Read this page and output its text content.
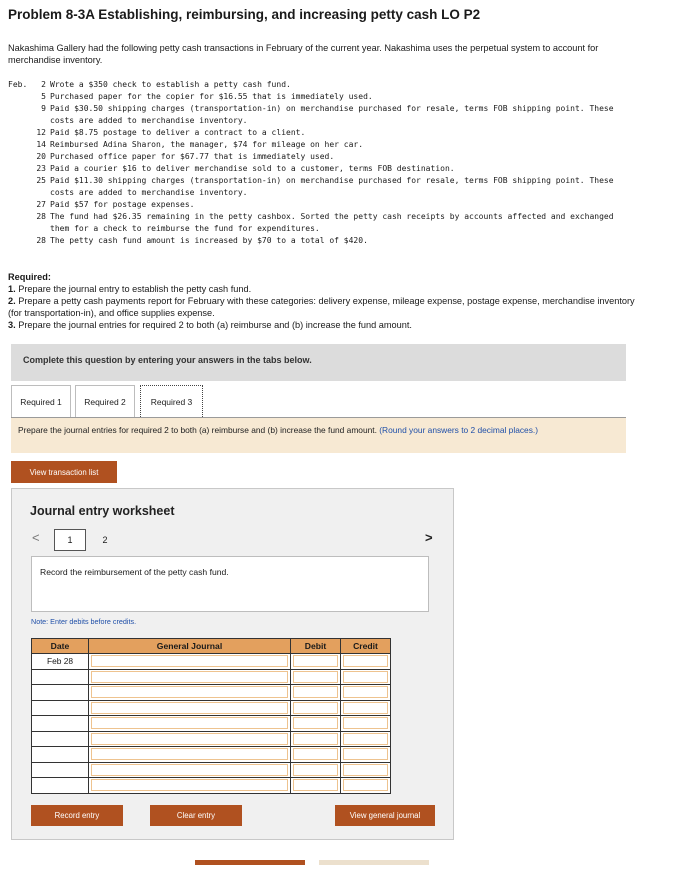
Problem 8-3A Establishing, reimbursing, and increasing petty cash LO P2

Nakashima Gallery had the following petty cash transactions in February of the current year. Nakashima uses the perpetual system to account for merchandise inventory.

Feb.	2 Wrote a $350 check to establish a petty cash fund.
5 Purchased paper for the copier for $16.55 that is immediately used.
9 Paid $30.50 shipping charges (transportation-in) on merchandise purchased for resale, terms FOB shipping point. These
costs are added to merchandise inventory.
12 Paid $8.75 postage to deliver a contract to a client.
14 Reimbursed Adina Sharon, the manager, $74 for mileage on her car.
20 Purchased office paper for $67.77 that is immediately used.
23 Paid a courier $16 to deliver merchandise sold to a customer, terms FOB destination.
25 Paid $11.30 shipping charges (transportation-in) on merchandise purchased for resale, terms FOB shipping point. These
costs are added to merchandise inventory.
27 Paid $57 for postage expenses.
28 The fund had $26.35 remaining in the petty cashbox. Sorted the petty cash receipts by accounts affected and exchanged
them for a check to reimburse the fund for expenditures.
28 The petty cash fund amount is increased by $70 to a total of $420.
Required:
1. Prepare the journal entry to establish the petty cash fund.
2. Prepare a petty cash payments report for February with these categories: delivery expense, mileage expense, postage expense, merchandise inventory (for transportation-in), and office supplies expense.
3. Prepare the journal entries for required 2 to both (a) reimburse and (b) increase the fund amount.
Complete this question by entering your answers in the tabs below.
Required 1	Required 2	Required 3
Prepare the journal entries for required 2 to both (a) reimburse and (b) increase the fund amount. (Round your answers to 2 decimal places.)
View transaction list
Journal entry worksheet
<	1	2	>
Record the reimbursement of the petty cash fund.
Note: Enter debits before credits.
Date	General Journal	Debit	Credit
Feb 28	

Record entry	Clear entry	View general journal
